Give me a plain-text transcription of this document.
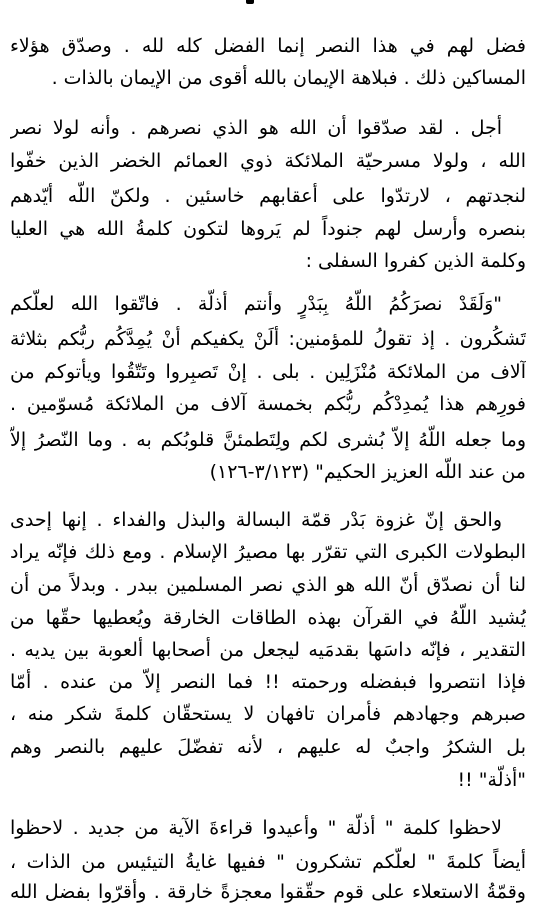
فضل لهم في هذا النصر إنما الفضل كله لله . وصدّق هؤلاء
المساكين ذلك . فبلاهة الإيمان بالله أقوى من الإيمان بالذات .
أجل . لقد صدّقوا أن الله هو الذي نصرهم . وأنه لولا نصر
الله ، ولولا مسرحيّة الملائكة ذوي العمائم الخضر الذين خفّوا
لنجدتهم ، لارتدّوا على أعقابهم خاسئين . ولكنّ اللّه أيّدهم
بنصره وأرسل لهم جنوداً لم يَروها لتكون كلمةُ الله هي العليا
وكلمة الذين كفروا السفلى :
"وَلَقَدْ نصرَكُمُ اللّهُ بِبَدْرٍ وأنتم أذلّة . فاتّقوا الله لعلّكم
تَشكُرون . إذ تقولُ للمؤمنين: ألَنْ يكفيكم أنْ يُمِدَّكُم ربُّكم بثلاثة
آلاف من الملائكة مُنْزَلِين . بلى . إنْ تَصبِروا وتَتّقُوا ويأتوكم من
فورِهم هذا يُمدِدْكُم ربُّكم بخمسة آلاف من الملائكة مُسوّمين .
وما جعله اللّهُ إلاّ بُشرى لكم ولِتَطمئنَّ قلوبُكم به . وما النّصرُ إلاّ
من عند اللّه العزيز الحكيم" (٣/١٢٣-١٢٦)
والحق إنّ غزوة بَدْر قمّة البسالة والبذل والفداء . إنها إحدى
البطولات الكبرى التي تقرّر بها مصيرُ الإسلام . ومع ذلك فإنّه يراد
لنا أن نصدّق أنّ الله هو الذي نصر المسلمين ببدر . وبدلاً من أن
يُشيد اللّهُ في القرآن بهذه الطاقات الخارقة ويُعطيها حقّها من
التقدير ، فإنّه داسَها بقدمَيه ليجعل من أصحابها ألعوبة بين يديه .
فإذا انتصروا فبفضله ورحمته !! فما النصر إلاّ من عنده . أمّا
صبرهم وجهادهم فأمران تافهان لا يستحقّان كلمةَ شكر منه ،
بل الشكرُ واجبٌ له عليهم ، لأنه تفضّلَ عليهم بالنصر وهم
"أذلّة" !!
لاحظوا كلمة " أذلّة " وأعيدوا قراءةَ الآية من جديد . لاحظوا
أيضاً كلمةَ " لعلّكم تشكرون " ففيها غايةُ التيئيس من الذات ،
وقمّةُ الاستعلاء على قوم حقّقوا معجزةً خارقة . وأقرّوا بفضل الله
